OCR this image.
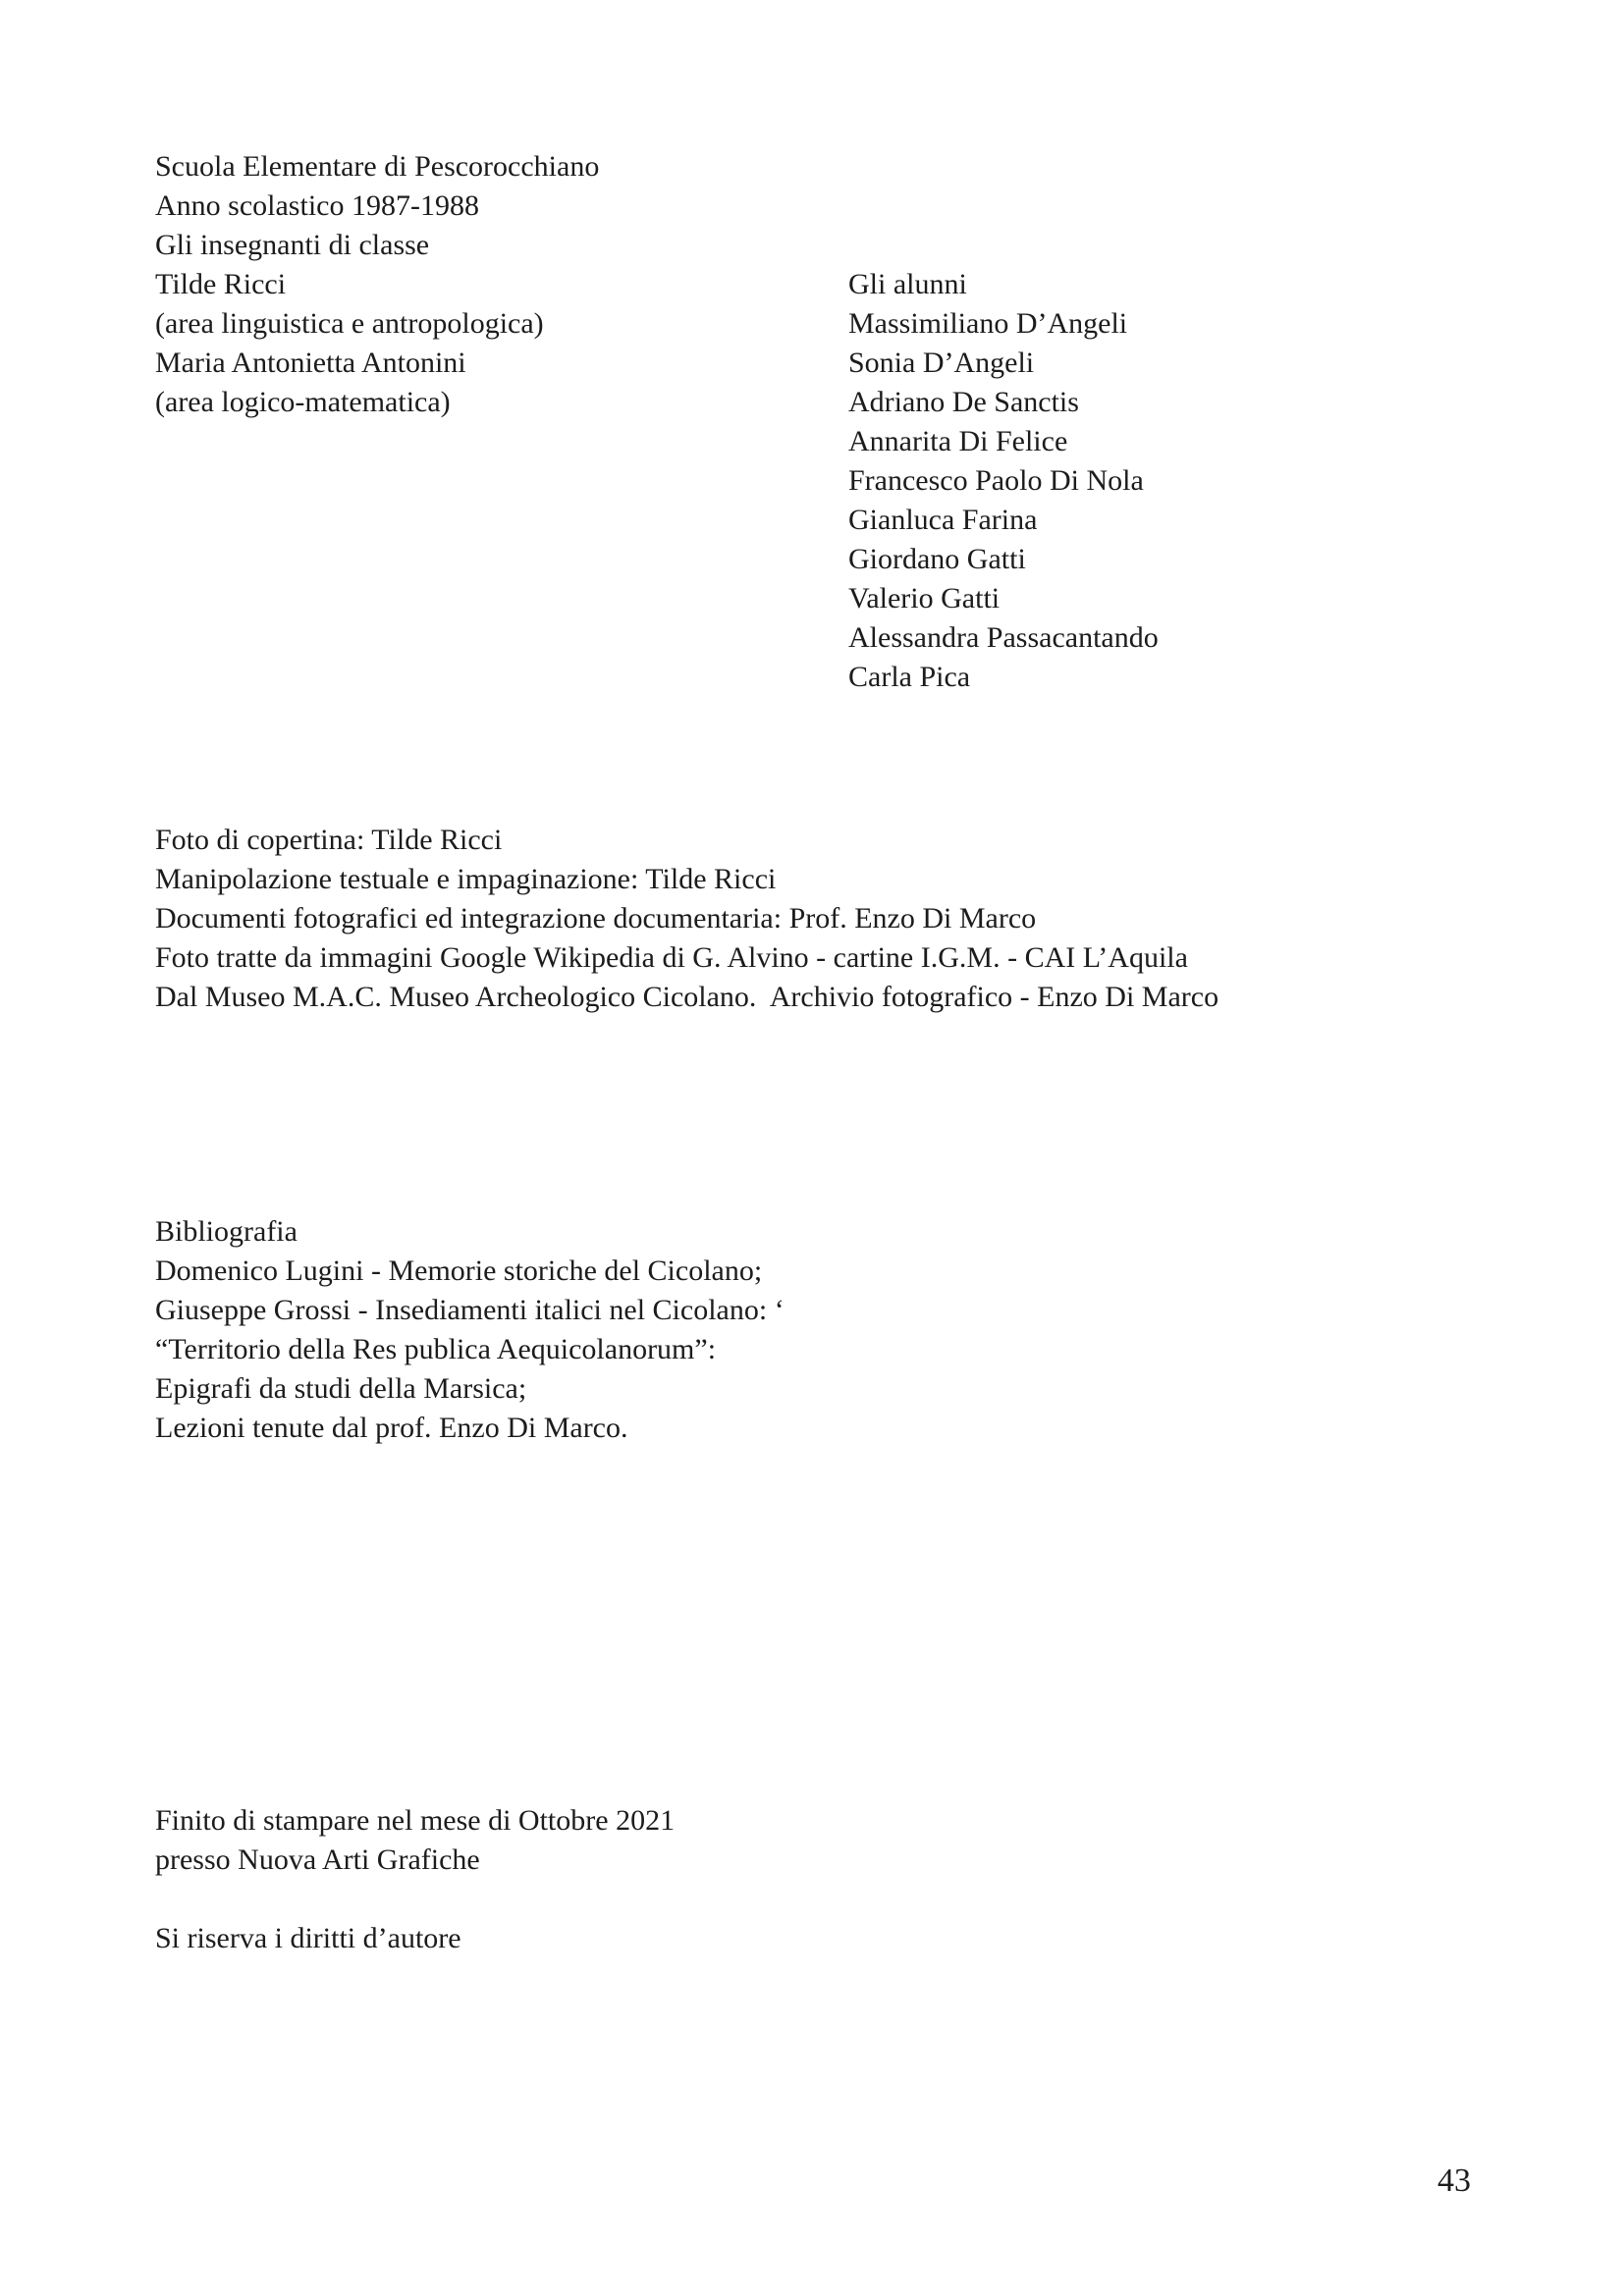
Scuola Elementare di Pescorocchiano
Anno scolastico 1987-1988
Gli insegnanti di classe
Tilde Ricci
(area linguistica e antropologica)
Maria Antonietta Antonini
(area logico-matematica)
Gli alunni
Massimiliano D’Angeli
Sonia D’Angeli
Adriano De Sanctis
Annarita Di Felice
Francesco Paolo Di Nola
Gianluca Farina
Giordano Gatti
Valerio Gatti
Alessandra Passacantando
Carla Pica
Foto di copertina: Tilde Ricci
Manipolazione testuale e impaginazione: Tilde Ricci
Documenti fotografici ed integrazione documentaria: Prof. Enzo Di Marco
Foto tratte da immagini Google Wikipedia di G. Alvino - cartine I.G.M. - CAI L’Aquila
Dal Museo M.A.C. Museo Archeologico Cicolano.  Archivio fotografico - Enzo Di Marco
Bibliografia
Domenico Lugini - Memorie storiche del Cicolano;
Giuseppe Grossi - Insediamenti italici nel Cicolano: ‘
“Territorio della Res publica Aequicolanorum”:
Epigrafi da studi della Marsica;
Lezioni tenute dal prof. Enzo Di Marco.
Finito di stampare nel mese di Ottobre 2021
presso Nuova Arti Grafiche
Si riserva i diritti d’autore
43
